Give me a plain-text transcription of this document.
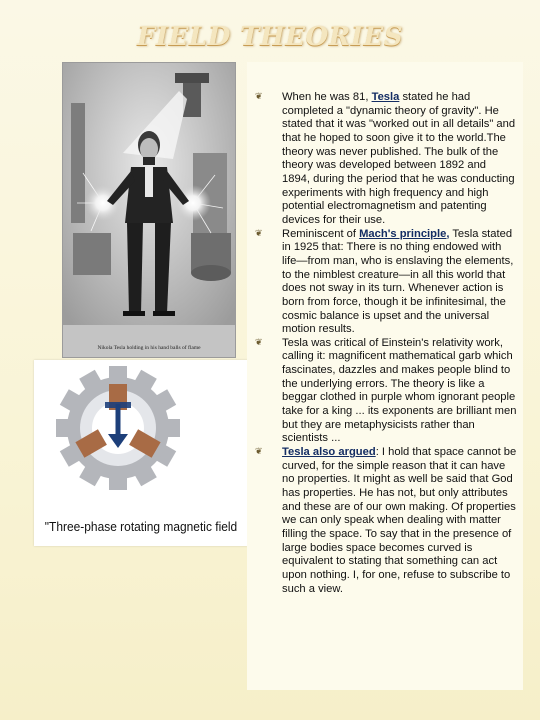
FIELD THEORIES
Nikola Tesla holding in his hand balls of flame
"Three-phase rotating magnetic field
❦ When he was 81, Tesla stated he had completed a "dynamic theory of gravity". He stated that it was "worked out in all details" and that he hoped to soon give it to the world.The theory was never published. The bulk of the theory was developed between 1892 and 1894, during the period that he was conducting experiments with high frequency and high potential electromagnetism and patenting devices for their use.
❦ Reminiscent of Mach's principle, Tesla stated in 1925 that: There is no thing endowed with life—from man, who is enslaving the elements, to the nimblest creature—in all this world that does not sway in its turn. Whenever action is born from force, though it be infinitesimal, the cosmic balance is upset and the universal motion results.
❦ Tesla was critical of Einstein's relativity work, calling it: magnificent mathematical garb which fascinates, dazzles and makes people blind to the underlying errors. The theory is like a beggar clothed in purple whom ignorant people take for a king ... its exponents are brilliant men but they are metaphysicists rather than scientists ...
❦ Tesla also argued: I hold that space cannot be curved, for the simple reason that it can have no properties. It might as well be said that God has properties. He has not, but only attributes and these are of our own making. Of properties we can only speak when dealing with matter filling the space. To say that in the presence of large bodies space becomes curved is equivalent to stating that something can act upon nothing. I, for one, refuse to subscribe to such a view.
